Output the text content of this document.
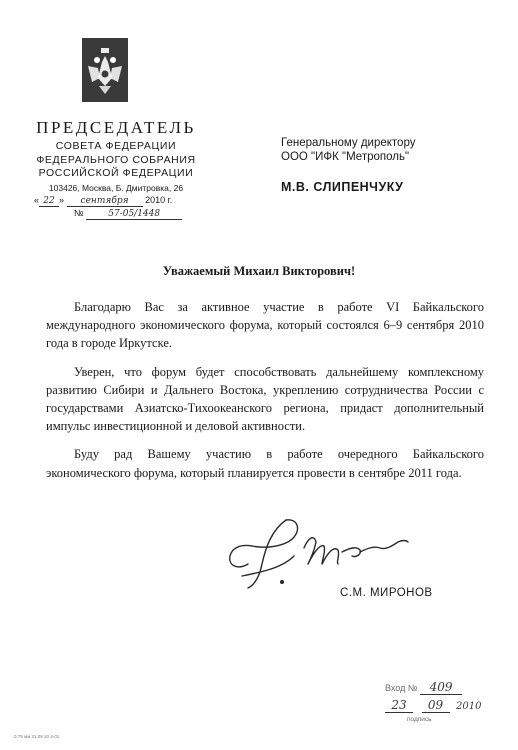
ПРЕДСЕДАТЕЛЬ
СОВЕТА ФЕДЕРАЦИИ
ФЕДЕРАЛЬНОГО СОБРАНИЯ
РОССИЙСКОЙ ФЕДЕРАЦИИ
103426, Москва, Б. Дмитровка, 26
« 22 » сентября 2010 г.
№	57-05/1448
Генеральному директору
ООО "ИФК "Метрополь"
М.В. СЛИПЕНЧУКУ
Уважаемый Михаил Викторович!

Благодарю Вас за активное участие в работе VI Байкальского международного экономического форума, который состоялся 6–9 сентября 2010 года в городе Иркутске.

Уверен, что форум будет способствовать дальнейшему комплексному развитию Сибири и Дальнего Востока, укреплению сотрудничества России с государствами Азиатско-Тихоокеанского региона, придаст дополнительный импульс инвестиционной и деловой активности.

Буду рад Вашему участию в работе очередного Байкальского экономического форума, который планируется провести в сентябре 2011 года.

С.М. МИРОНОВ
Вход № 409
23 09 2010
подпись
0,79 мм 21.09.10 4-01
